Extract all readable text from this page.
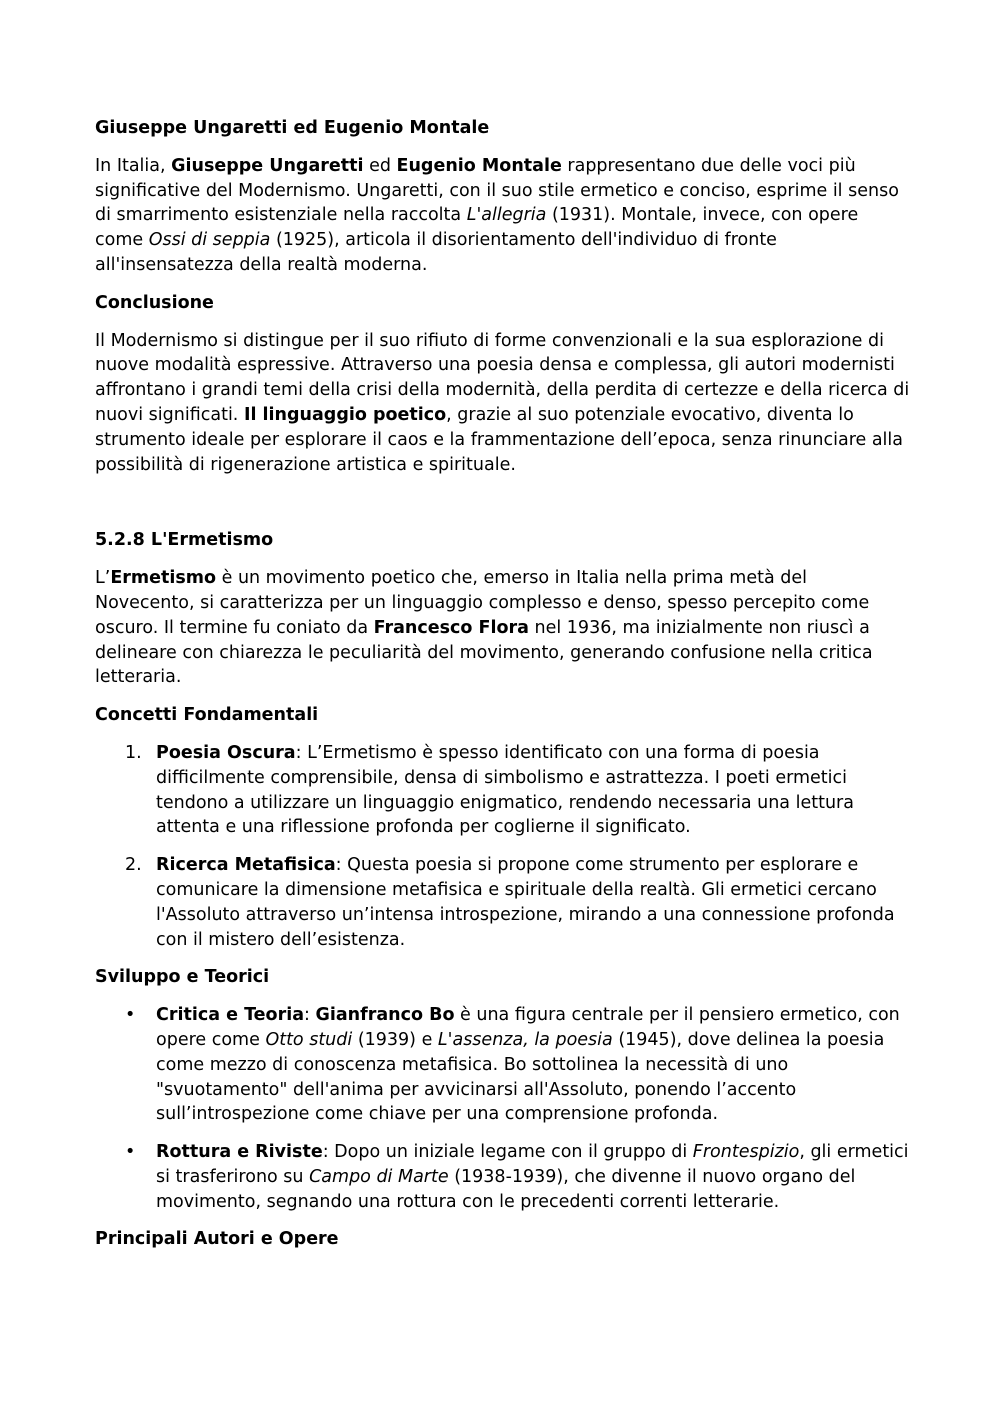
Giuseppe Ungaretti ed Eugenio Montale

In Italia, Giuseppe Ungaretti ed Eugenio Montale rappresentano due delle voci più significative del Modernismo. Ungaretti, con il suo stile ermetico e conciso, esprime il senso di smarrimento esistenziale nella raccolta L'allegria (1931). Montale, invece, con opere come Ossi di seppia (1925), articola il disorientamento dell'individuo di fronte all'insensatezza della realtà moderna.

Conclusione

Il Modernismo si distingue per il suo rifiuto di forme convenzionali e la sua esplorazione di nuove modalità espressive. Attraverso una poesia densa e complessa, gli autori modernisti affrontano i grandi temi della crisi della modernità, della perdita di certezze e della ricerca di nuovi significati. Il linguaggio poetico, grazie al suo potenziale evocativo, diventa lo strumento ideale per esplorare il caos e la frammentazione dell’epoca, senza rinunciare alla possibilità di rigenerazione artistica e spirituale.

5.2.8 L'Ermetismo

L’Ermetismo è un movimento poetico che, emerso in Italia nella prima metà del Novecento, si caratterizza per un linguaggio complesso e denso, spesso percepito come oscuro. Il termine fu coniato da Francesco Flora nel 1936, ma inizialmente non riuscì a delineare con chiarezza le peculiarità del movimento, generando confusione nella critica letteraria.

Concetti Fondamentali
1. Poesia Oscura: L’Ermetismo è spesso identificato con una forma di poesia difficilmente comprensibile, densa di simbolismo e astrattezza. I poeti ermetici tendono a utilizzare un linguaggio enigmatico, rendendo necessaria una lettura attenta e una riflessione profonda per coglierne il significato.
2. Ricerca Metafisica: Questa poesia si propone come strumento per esplorare e comunicare la dimensione metafisica e spirituale della realtà. Gli ermetici cercano l'Assoluto attraverso un’intensa introspezione, mirando a una connessione profonda con il mistero dell’esistenza.
Sviluppo e Teorici
• Critica e Teoria: Gianfranco Bo è una figura centrale per il pensiero ermetico, con opere come Otto studi (1939) e L'assenza, la poesia (1945), dove delinea la poesia come mezzo di conoscenza metafisica. Bo sottolinea la necessità di uno "svuotamento" dell'anima per avvicinarsi all'Assoluto, ponendo l’accento sull’introspezione come chiave per una comprensione profonda.
• Rottura e Riviste: Dopo un iniziale legame con il gruppo di Frontespizio, gli ermetici si trasferirono su Campo di Marte (1938-1939), che divenne il nuovo organo del movimento, segnando una rottura con le precedenti correnti letterarie.
Principali Autori e Opere
